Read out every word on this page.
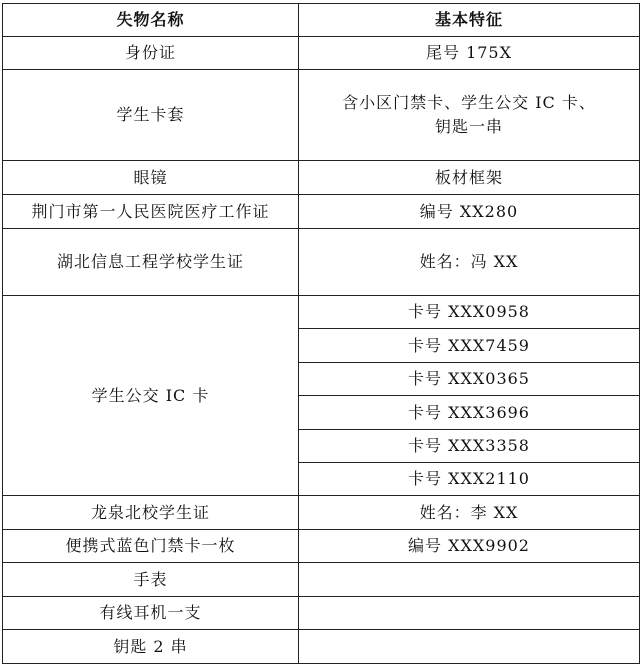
失物名称	基本特征
身份证	尾号 175X
学生卡套	含小区门禁卡、学生公交 IC 卡、钥匙一串
眼镜	板材框架
荆门市第一人民医院医疗工作证	编号 XX280
湖北信息工程学校学生证	姓名：冯 XX
学生公交 IC 卡	卡号 XXX0958
	卡号 XXX7459
	卡号 XXX0365
	卡号 XXX3696
	卡号 XXX3358
	卡号 XXX2110
龙泉北校学生证	姓名：李 XX
便携式蓝色门禁卡一枚	编号 XXX9902
手表	
有线耳机一支	
钥匙 2 串	
